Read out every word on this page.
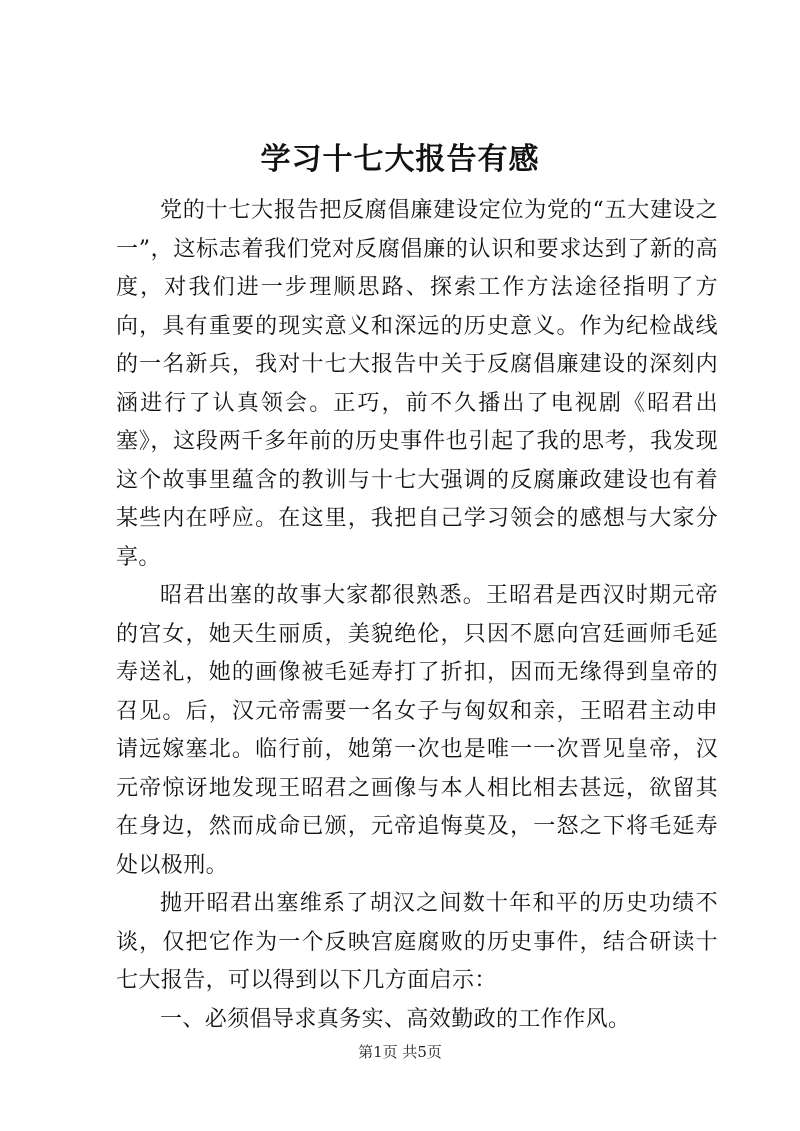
学习十七大报告有感

党的十七大报告把反腐倡廉建设定位为党的“五大建设之一”，这标志着我们党对反腐倡廉的认识和要求达到了新的高度，对我们进一步理顺思路、探索工作方法途径指明了方向，具有重要的现实意义和深远的历史意义。作为纪检战线的一名新兵，我对十七大报告中关于反腐倡廉建设的深刻内涵进行了认真领会。正巧，前不久播出了电视剧《昭君出塞》，这段两千多年前的历史事件也引起了我的思考，我发现这个故事里蕴含的教训与十七大强调的反腐廉政建设也有着某些内在呼应。在这里，我把自己学习领会的感想与大家分享。

昭君出塞的故事大家都很熟悉。王昭君是西汉时期元帝的宫女，她天生丽质，美貌绝伦，只因不愿向宫廷画师毛延寿送礼，她的画像被毛延寿打了折扣，因而无缘得到皇帝的召见。后，汉元帝需要一名女子与匈奴和亲，王昭君主动申请远嫁塞北。临行前，她第一次也是唯一一次晋见皇帝，汉元帝惊讶地发现王昭君之画像与本人相比相去甚远，欲留其在身边，然而成命已颁，元帝追悔莫及，一怒之下将毛延寿处以极刑。

抛开昭君出塞维系了胡汉之间数十年和平的历史功绩不谈，仅把它作为一个反映宫庭腐败的历史事件，结合研读十七大报告，可以得到以下几方面启示：

一、必须倡导求真务实、高效勤政的工作作风。

第1页 共5页
